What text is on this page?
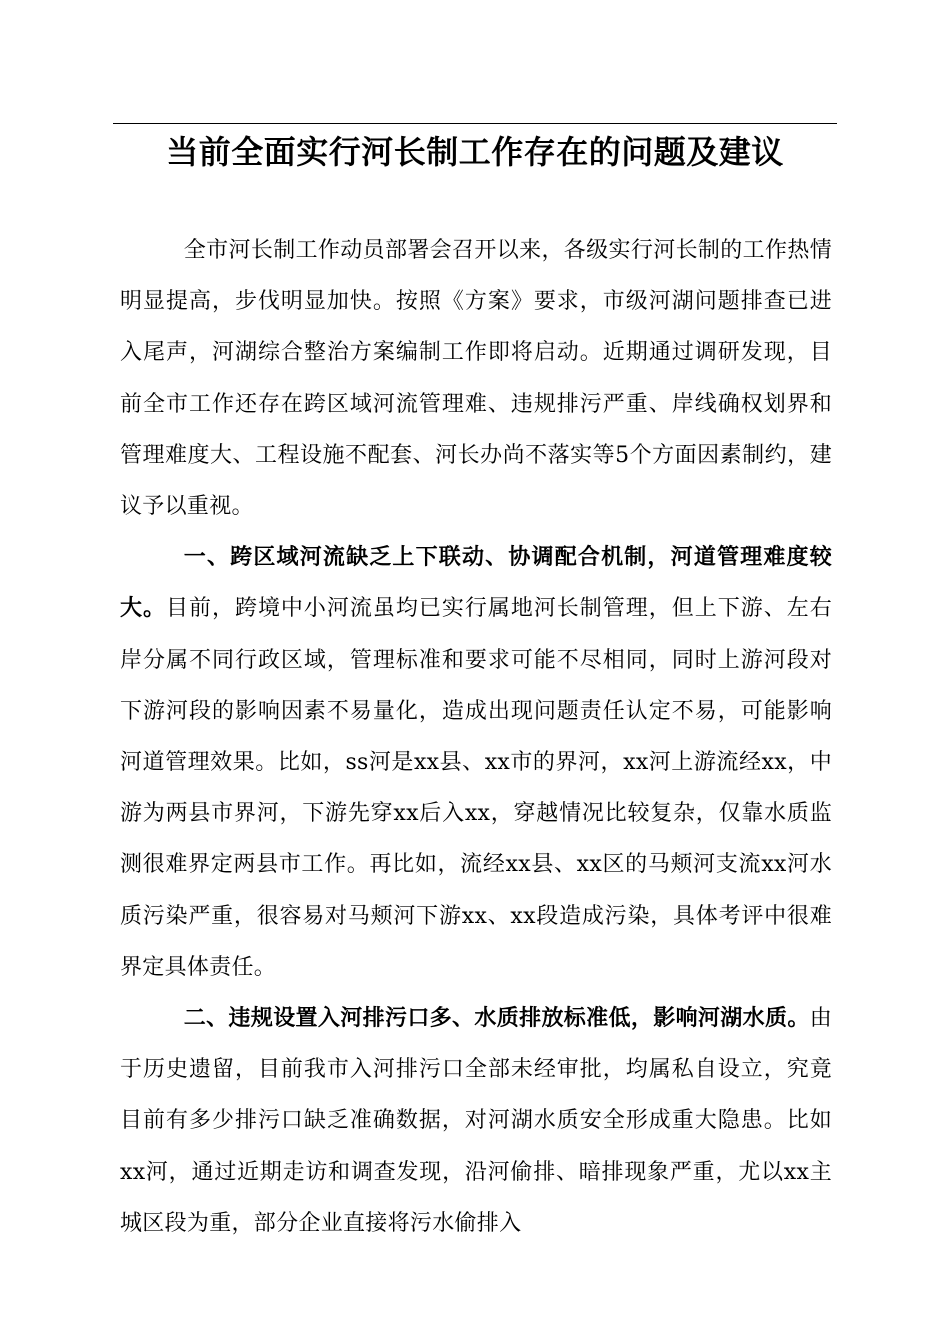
当前全面实行河长制工作存在的问题及建议

全市河长制工作动员部署会召开以来，各级实行河长制的工作热情明显提高，步伐明显加快。按照《方案》要求，市级河湖问题排查已进入尾声，河湖综合整治方案编制工作即将启动。近期通过调研发现，目前全市工作还存在跨区域河流管理难、违规排污严重、岸线确权划界和管理难度大、工程设施不配套、河长办尚不落实等5个方面因素制约，建议予以重视。

一、跨区域河流缺乏上下联动、协调配合机制，河道管理难度较大。目前，跨境中小河流虽均已实行属地河长制管理，但上下游、左右岸分属不同行政区域，管理标准和要求可能不尽相同，同时上游河段对下游河段的影响因素不易量化，造成出现问题责任认定不易，可能影响河道管理效果。比如，ss河是xx县、xx市的界河，xx河上游流经xx，中游为两县市界河，下游先穿xx后入xx，穿越情况比较复杂，仅靠水质监测很难界定两县市工作。再比如，流经xx县、xx区的马颊河支流xx河水质污染严重，很容易对马颊河下游xx、xx段造成污染，具体考评中很难界定具体责任。

二、违规设置入河排污口多、水质排放标准低，影响河湖水质。由于历史遗留，目前我市入河排污口全部未经审批，均属私自设立，究竟目前有多少排污口缺乏准确数据，对河湖水质安全形成重大隐患。比如xx河，通过近期走访和调查发现，沿河偷排、暗排现象严重，尤以xx主城区段为重，部分企业直接将污水偷排入
